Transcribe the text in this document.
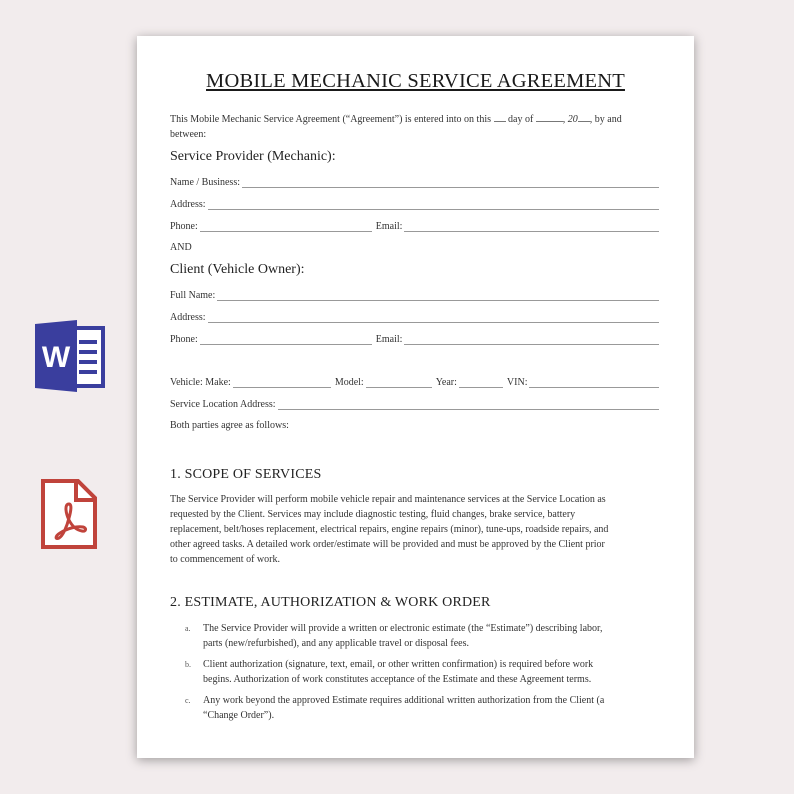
W
MOBILE MECHANIC SERVICE AGREEMENT
This Mobile Mechanic Service Agreement (“Agreement”) is entered into on this day of	, 20 , by and
between:
Service Provider (Mechanic):
Name / Business:
Address:
Phone:	Email:
AND
Client (Vehicle Owner):
Full Name:
Address:
Phone:	Email:
Vehicle: Make:	Model:	Year:	VIN:
Service Location Address:
Both parties agree as follows:
1. SCOPE OF SERVICES
The Service Provider will perform mobile vehicle repair and maintenance services at the Service Location as
requested by the Client. Services may include diagnostic testing, fluid changes, brake service, battery
replacement, belt/hoses replacement, electrical repairs, engine repairs (minor), tune-ups, roadside repairs, and
other agreed tasks. A detailed work order/estimate will be provided and must be approved by the Client prior
to commencement of work.
2. ESTIMATE, AUTHORIZATION & WORK ORDER
a. The Service Provider will provide a written or electronic estimate (the “Estimate”) describing labor,
parts (new/refurbished), and any applicable travel or disposal fees.
b. Client authorization (signature, text, email, or other written confirmation) is required before work
begins. Authorization of work constitutes acceptance of the Estimate and these Agreement terms.
c. Any work beyond the approved Estimate requires additional written authorization from the Client (a
“Change Order”).
